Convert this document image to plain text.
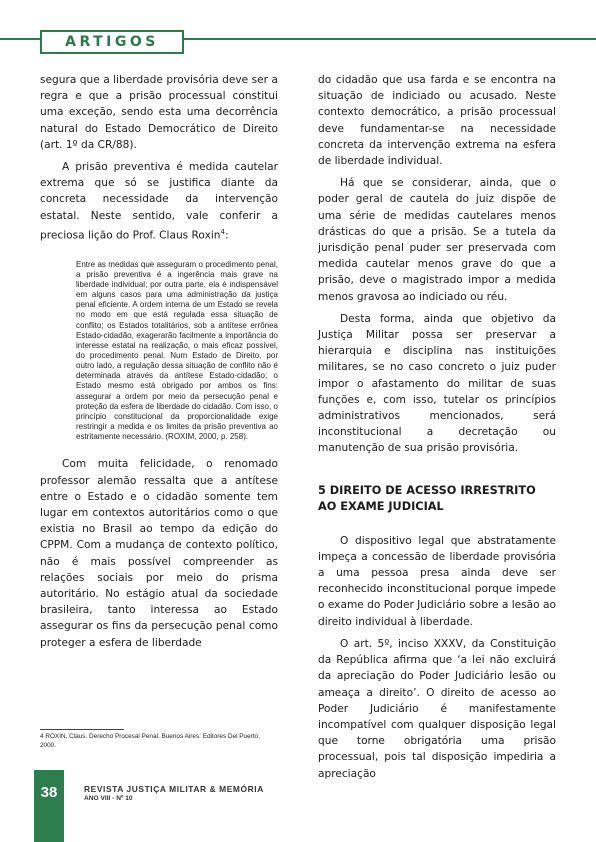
ARTIGOS

segura que a liberdade provisória deve ser a regra e que a prisão processual constitui uma exceção, sendo esta uma decorrência natural do Estado Democrático de Direito (art. 1º da CR/88).

A prisão preventiva é medida cautelar extrema que só se justifica diante da concreta necessidade da intervenção estatal. Neste sentido, vale conferir a preciosa lição do Prof. Claus Roxin$^4$:

Entre as medidas que asseguram o procedimento penal, a prisão preventiva é a ingerência mais grave na liberdade individual; por outra parte, ela é indispensável em alguns casos para uma administração da justiça penal eficiente. A ordem interna de um Estado se revela no modo em que está regulada essa situação de conflito; os Estados totalitários, sob a antítese errônea Estado-cidadão, exagerarão facilmente a importância do interesse estatal na realização, o mais eficaz possível, do procedimento penal. Num Estado de Direito, por outro lado, a regulação dessa situação de conflito não é determinada através da antítese Estado-cidadão; o Estado mesmo está obrigado por ambos os fins: assegurar a ordem por meio da persecução penal e proteção da esfera de liberdade do cidadão. Com isso, o princípio constitucional da proporcionalidade exige restringir a medida e os limites da prisão preventiva ao estritamente necessário. (ROXIM, 2000, p. 258).

Com muita felicidade, o renomado professor alemão ressalta que a antítese entre o Estado e o cidadão somente tem lugar em contextos autoritários como o que existia no Brasil ao tempo da edição do CPPM. Com a mudança de contexto político, não é mais possível compreender as relações sociais por meio do prisma autoritário. No estágio atual da sociedade brasileira, tanto interessa ao Estado assegurar os fins da persecução penal como proteger a esfera de liberdade

do cidadão que usa farda e se encontra na situação de indiciado ou acusado. Neste contexto democrático, a prisão processual deve fundamentar-se na necessidade concreta da intervenção extrema na esfera de liberdade individual.

Há que se considerar, ainda, que o poder geral de cautela do juiz dispõe de uma série de medidas cautelares menos drásticas do que a prisão. Se a tutela da jurisdição penal puder ser preservada com medida cautelar menos grave do que a prisão, deve o magistrado impor a medida menos gravosa ao indiciado ou réu.

Desta forma, ainda que objetivo da Justiça Militar possa ser preservar a hierarquia e disciplina nas instituições militares, se no caso concreto o juiz puder impor o afastamento do militar de suas funções e, com isso, tutelar os princípios administrativos mencionados, será inconstitucional a decretação ou manutenção de sua prisão provisória.

5 DIREITO DE ACESSO IRRESTRITO AO EXAME JUDICIAL

O dispositivo legal que abstratamente impeça a concessão de liberdade provisória a uma pessoa presa ainda deve ser reconhecido inconstitucional porque impede o exame do Poder Judiciário sobre a lesão ao direito individual à liberdade.

O art. 5º, inciso XXXV, da Constituição da República afirma que ‘a lei não excluirá da apreciação do Poder Judiciário lesão ou ameaça a direito’. O direito de acesso ao Poder Judiciário é manifestamente incompatível com qualquer disposição legal que torne obrigatória uma prisão processual, pois tal disposição impediria a apreciação

4 ROXIN, Claus. Derecho Procesal Penal. Buenos Aires: Editores Del Puerto, 2000.
38	REVISTA JUSTIÇA MILITAR & MEMÓRIA
ANO VIII - Nº 10
